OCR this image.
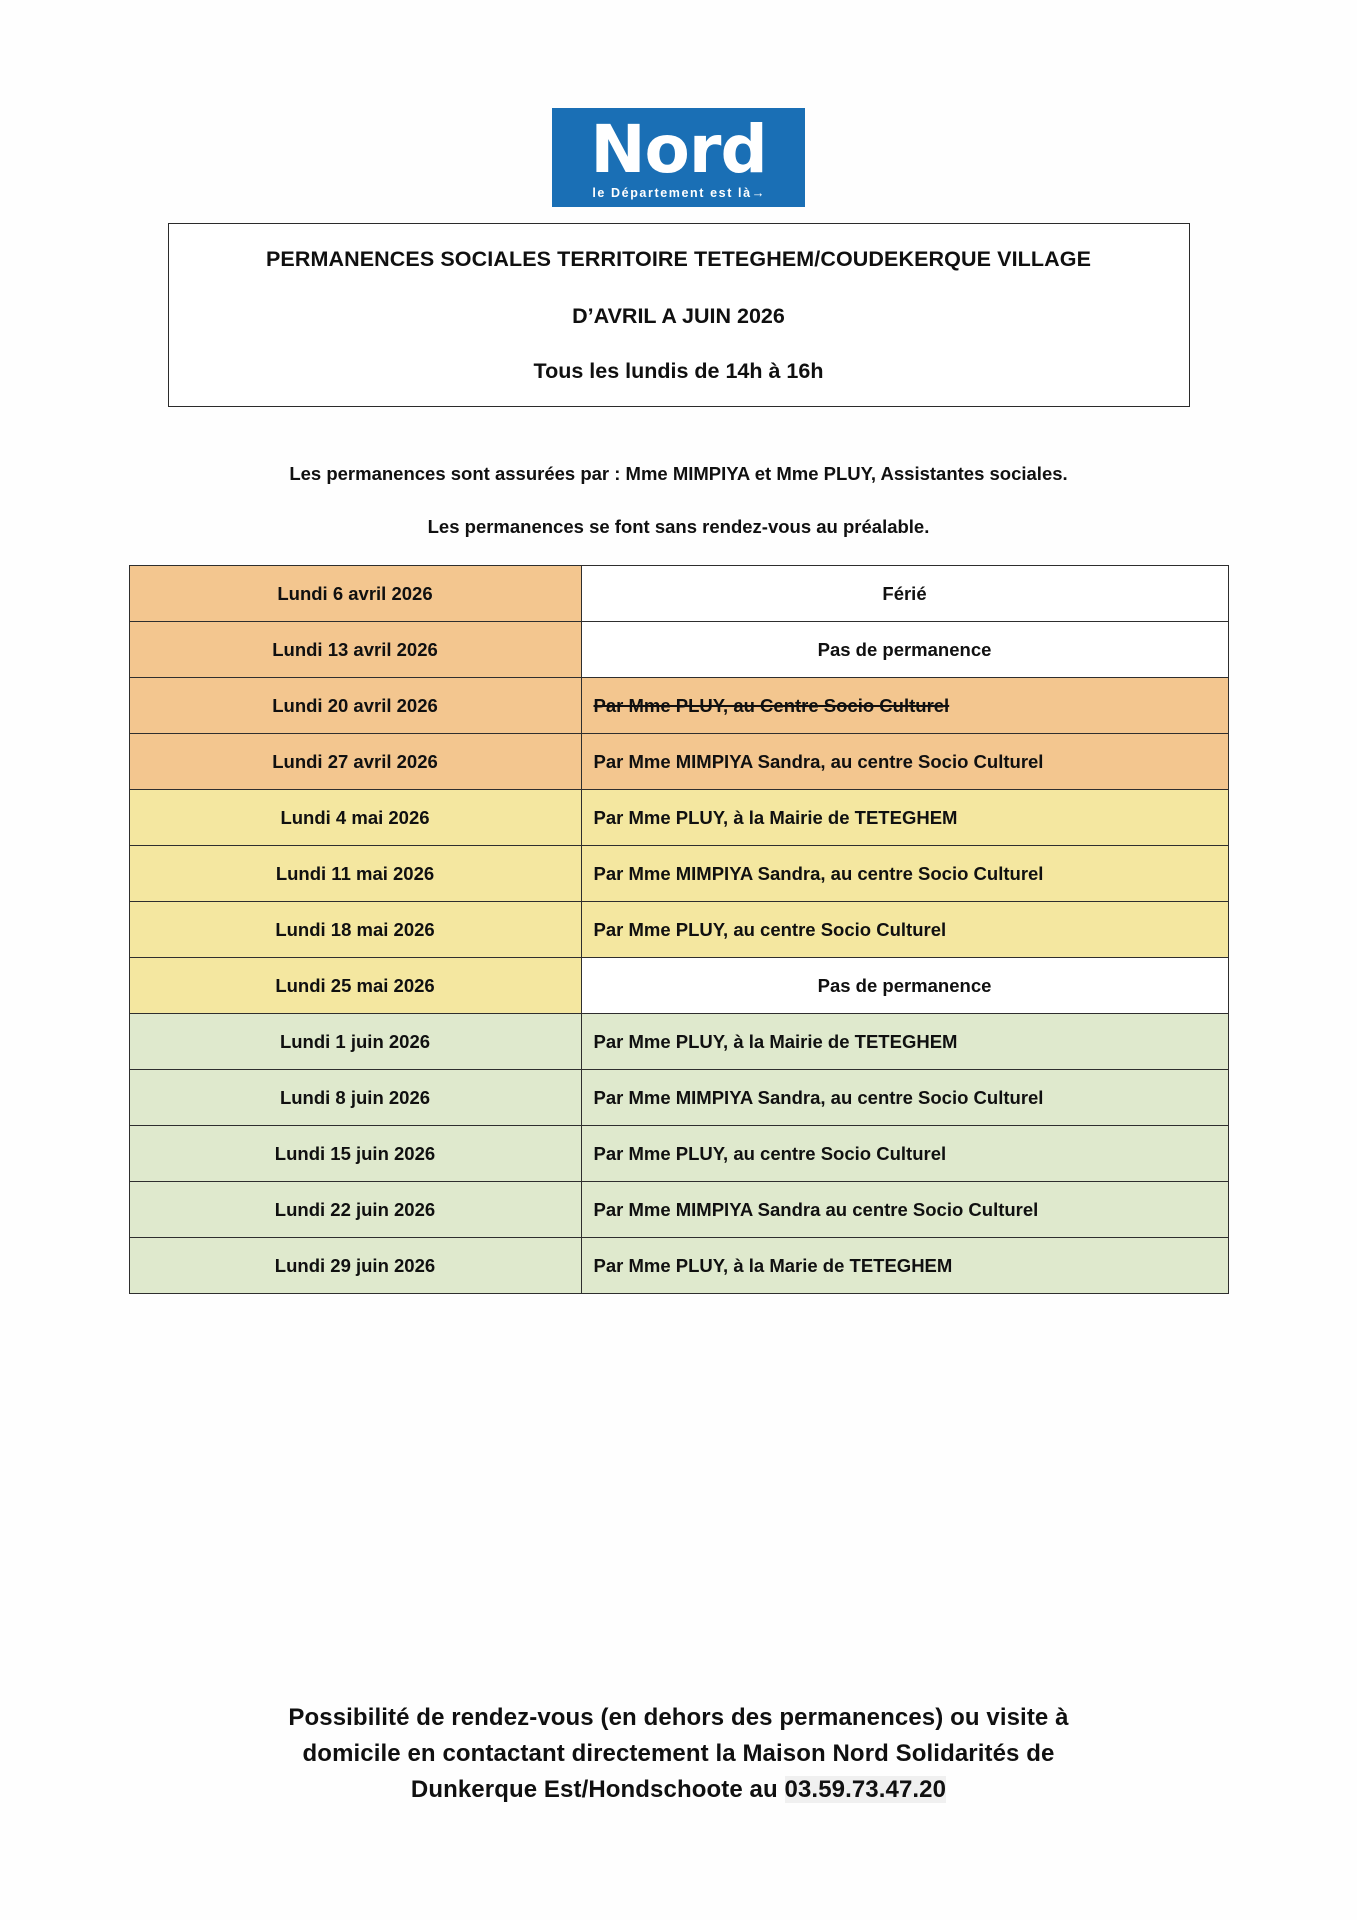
Nord
le Département est là→
PERMANENCES SOCIALES TERRITOIRE TETEGHEM/COUDEKERQUE VILLAGE
D’AVRIL A JUIN 2026
Tous les lundis de 14h à 16h

Les permanences sont assurées par : Mme MIMPIYA et Mme PLUY, Assistantes sociales.

Les permanences se font sans rendez-vous au préalable.

Lundi 6 avril 2026	Férié
Lundi 13 avril 2026	Pas de permanence
Lundi 20 avril 2026	Par Mme PLUY, au Centre Socio Culturel
Lundi 27 avril 2026	Par Mme MIMPIYA Sandra, au centre Socio Culturel
Lundi 4 mai 2026	Par Mme PLUY, à la Mairie de TETEGHEM
Lundi 11 mai 2026	Par Mme MIMPIYA Sandra, au centre Socio Culturel
Lundi 18 mai 2026	Par Mme PLUY, au centre Socio Culturel
Lundi 25 mai 2026	Pas de permanence
Lundi 1 juin 2026	Par Mme PLUY, à la Mairie de TETEGHEM
Lundi 8 juin 2026	Par Mme MIMPIYA Sandra, au centre Socio Culturel
Lundi 15 juin 2026	Par Mme PLUY, au centre Socio Culturel
Lundi 22 juin 2026	Par Mme MIMPIYA Sandra au centre Socio Culturel
Lundi 29 juin 2026	Par Mme PLUY, à la Marie de TETEGHEM

Possibilité de rendez-vous (en dehors des permanences) ou visite à

domicile en contactant directement la Maison Nord Solidarités de

Dunkerque Est/Hondschoote au 03.59.73.47.20
